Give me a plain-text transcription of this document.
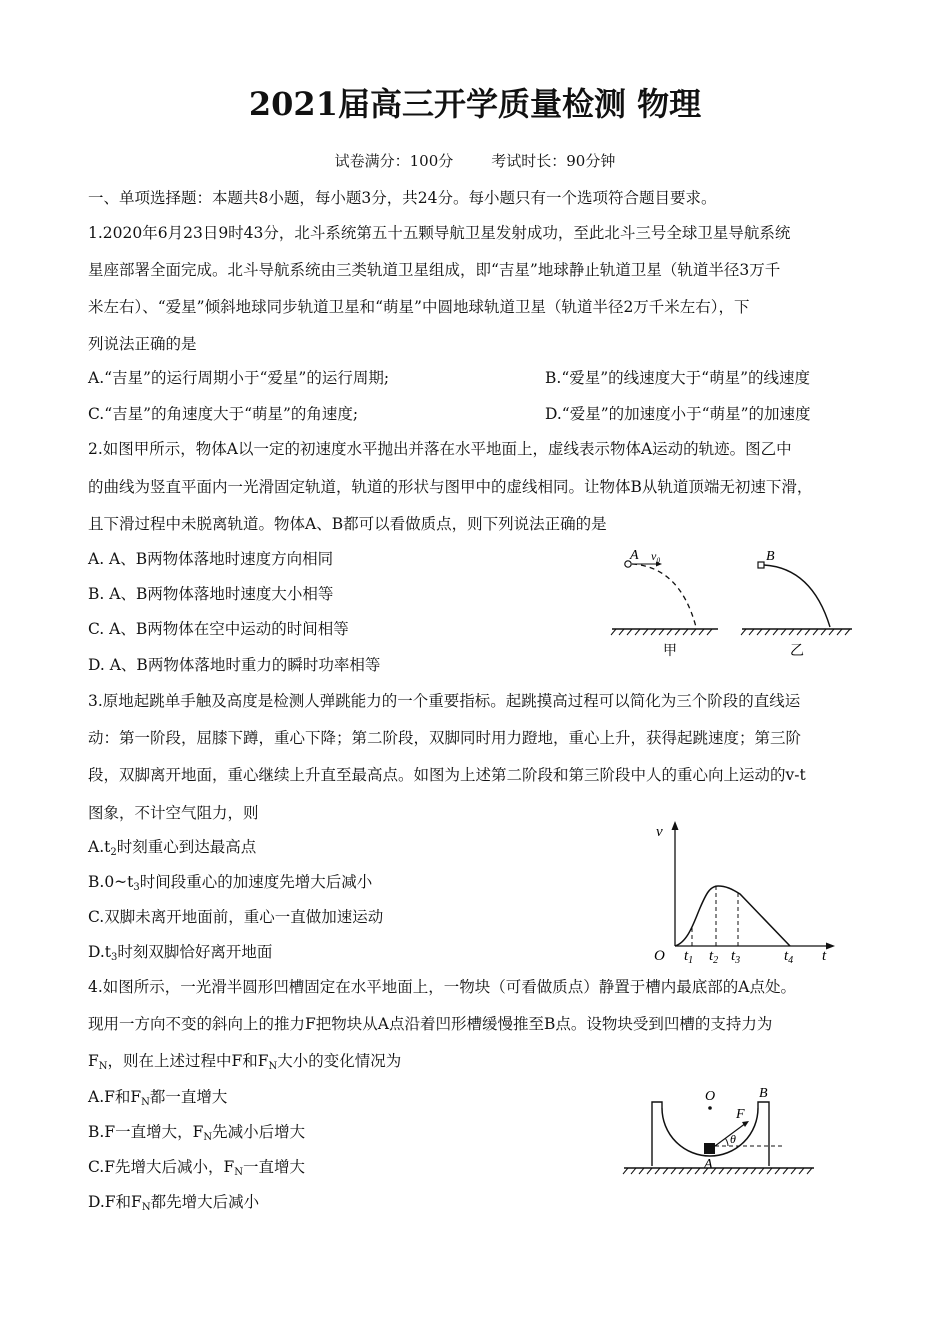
2021届高三开学质量检测 物理
试卷满分：100分	考试时长：90分钟
一、单项选择题：本题共8小题，每小题3分，共24分。每小题只有一个选项符合题目要求。
1.2020年6月23日9时43分，北斗系统第五十五颗导航卫星发射成功，至此北斗三号全球卫星导航系统
星座部署全面完成。北斗导航系统由三类轨道卫星组成，即“吉星”地球静止轨道卫星（轨道半径3万千
米左右）、“爱星”倾斜地球同步轨道卫星和“萌星”中圆地球轨道卫星（轨道半径2万千米左右），下
列说法正确的是
A.“吉星”的运行周期小于“爱星”的运行周期;	B.“爱星”的线速度大于“萌星”的线速度
C.“吉星”的角速度大于“萌星”的角速度;	D.“爱星”的加速度小于“萌星”的加速度
2.如图甲所示，物体A以一定的初速度水平抛出并落在水平地面上，虚线表示物体A运动的轨迹。图乙中
的曲线为竖直平面内一光滑固定轨道，轨道的形状与图甲中的虚线相同。让物体B从轨道顶端无初速下滑，
且下滑过程中未脱离轨道。物体A、B都可以看做质点，则下列说法正确的是
A. A、B两物体落地时速度方向相同
B. A、B两物体落地时速度大小相等
C. A、B两物体在空中运动的时间相等
D. A、B两物体落地时重力的瞬时功率相等
A v₀
甲
B
乙
3.原地起跳单手触及高度是检测人弹跳能力的一个重要指标。起跳摸高过程可以简化为三个阶段的直线运
动：第一阶段，屈膝下蹲，重心下降；第二阶段，双脚同时用力蹬地，重心上升，获得起跳速度；第三阶
段，双脚离开地面，重心继续上升直至最高点。如图为上述第二阶段和第三阶段中人的重心向上运动的v-t
图象，不计空气阻力，则
$A.t_2$时刻重心到达最高点
$B.0\sim t_3$时间段重心的加速度先增大后减小
C.双脚未离开地面前，重心一直做加速运动
$D.t_3$时刻双脚恰好离开地面
v
t
O $t_1$ $t_2$ $t_3$	$t_4$
4.如图所示，一光滑半圆形凹槽固定在水平地面上，一物块（可看做质点）静置于槽内最底部的A点处。
现用一方向不变的斜向上的推力F把物块从A点沿着凹形槽缓慢推至B点。设物块受到凹槽的支持力为
$F_N$，则在上述过程中F和$F_N$大小的变化情况为
A.F和$F_N$都一直增大
B.F一直增大，$F_N$先减小后增大
C.F先增大后减小，$F_N$一直增大
D.F和$F_N$都先增大后减小
O	B
F
θ
A
